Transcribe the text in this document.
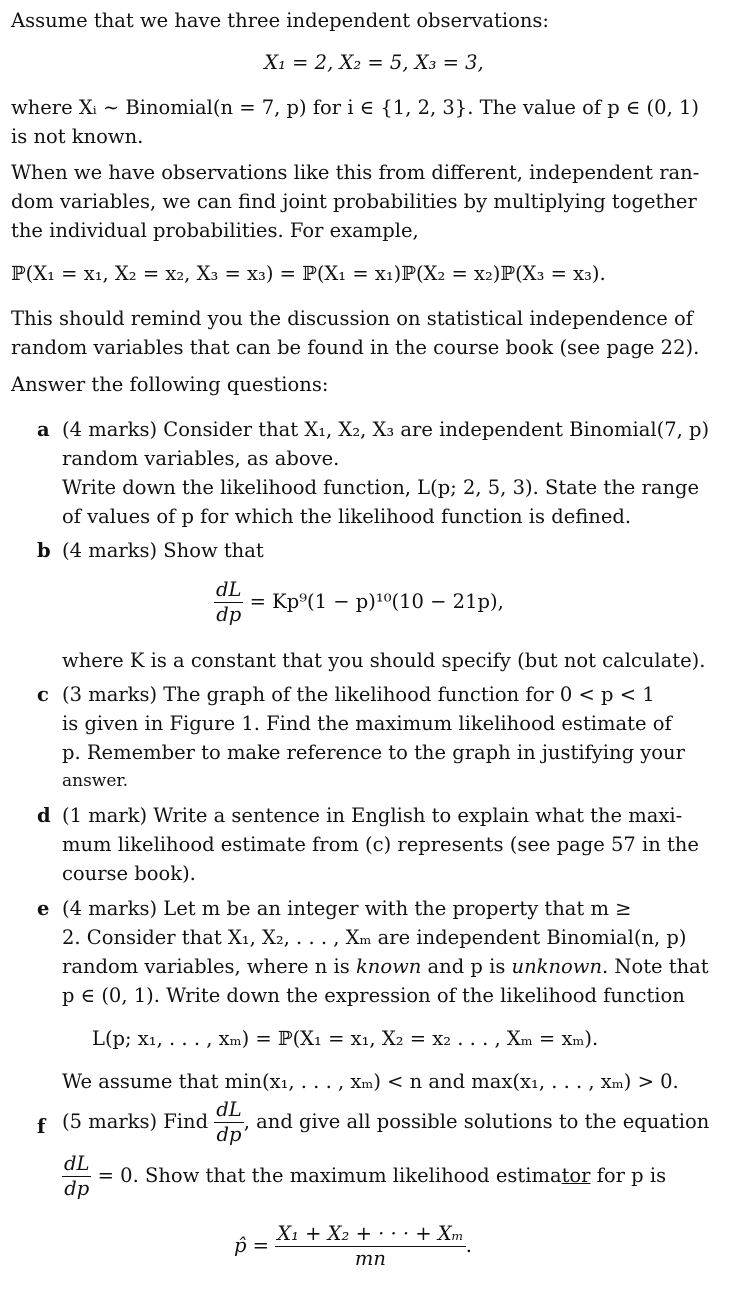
Assume that we have three independent observations:
X₁ = 2, X₂ = 5, X₃ = 3,
where Xᵢ ∼ Binomial(n = 7, p) for i ∈ {1, 2, 3}. The value of p ∈ (0, 1)
is not known.
When we have observations like this from different, independent ran-
dom variables, we can find joint probabilities by multiplying together
the individual probabilities. For example,
ℙ(X₁ = x₁, X₂ = x₂, X₃ = x₃) = ℙ(X₁ = x₁)ℙ(X₂ = x₂)ℙ(X₃ = x₃).
This should remind you the discussion on statistical independence of
random variables that can be found in the course book (see page 22).
Answer the following questions:
a (4 marks) Consider that X₁, X₂, X₃ are independent Binomial(7, p)
random variables, as above.
Write down the likelihood function, L(p; 2, 5, 3). State the range
of values of p for which the likelihood function is defined.
b (4 marks) Show that
$\frac{dL}{dp} = Kp^9(1 - p)^{10}(10 - 21p)$,
where K is a constant that you should specify (but not calculate).
c (3 marks) The graph of the likelihood function for 0 < p < 1
is given in Figure 1. Find the maximum likelihood estimate of
p. Remember to make reference to the graph in justifying your
answer.
d (1 mark) Write a sentence in English to explain what the maxi-
mum likelihood estimate from (c) represents (see page 57 in the
course book).
e (4 marks) Let m be an integer with the property that m ≥
2. Consider that X₁, X₂, . . . , Xₘ are independent Binomial(n, p)
random variables, where n is known and p is unknown. Note that
p ∈ (0, 1). Write down the expression of the likelihood function
L(p; x₁, . . . , xₘ) = ℙ(X₁ = x₁, X₂ = x₂ . . . , Xₘ = xₘ).
We assume that min(x₁, . . . , xₘ) < n and max(x₁, . . . , xₘ) > 0.
f (5 marks) Find $\frac{dL}{dp}$ , and give all possible solutions to the equation
$\frac{dL}{dp} = 0$. Show that the maximum likelihood estimator for p is
p̂ = $\frac{\text{X₁ + X₂ + · · · + Xₘ}}{mn}$ .
